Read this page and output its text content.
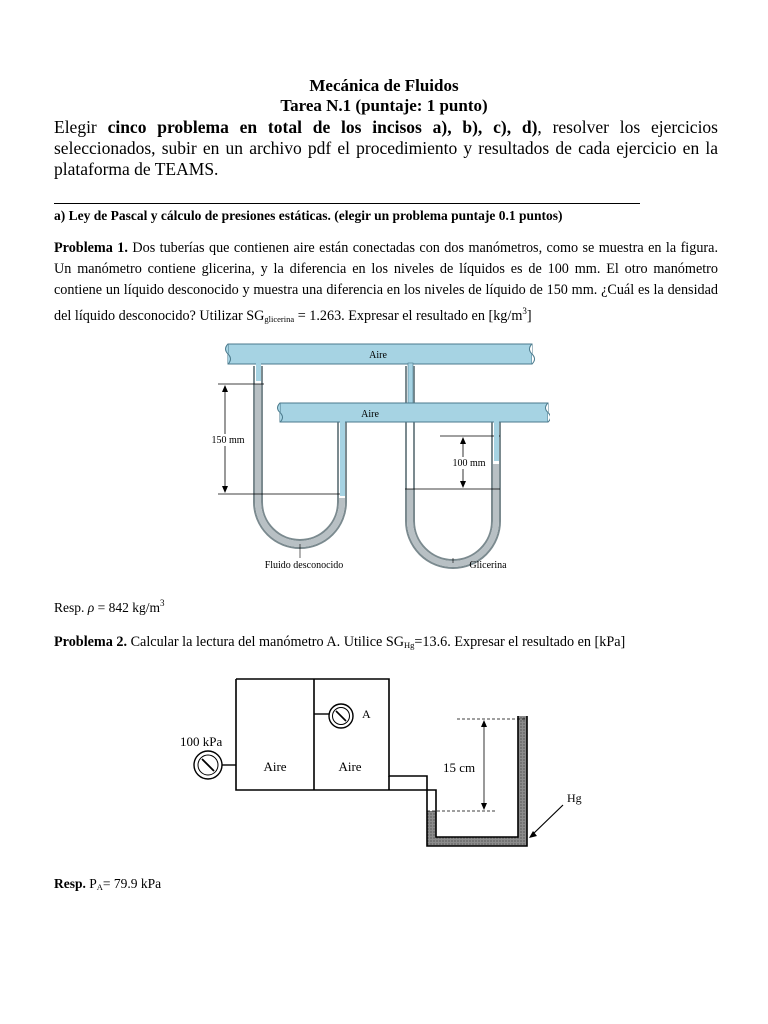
Mecánica de Fluidos
Tarea N.1 (puntaje: 1 punto)
Elegir cinco problema en total de los incisos a), b), c), d), resolver los ejercicios seleccionados, subir en un archivo pdf el procedimiento y resultados de cada ejercicio en la plataforma de TEAMS.
a) Ley de Pascal y cálculo de presiones estáticas. (elegir un problema puntaje 0.1 puntos)
Problema 1. Dos tuberías que contienen aire están conectadas con dos manómetros, como se muestra en la figura. Un manómetro contiene glicerina, y la diferencia en los niveles de líquidos es de 100 mm. El otro manómetro contiene un líquido desconocido y muestra una diferencia en los niveles de líquido de 150 mm. ¿Cuál es la densidad del líquido desconocido? Utilizar $SG_{glicerina} = 1.263$. Expresar el resultado en $[kg/m^3]$
Aire
Aire
150 mm
100 mm
Fluido desconocido	Glicerina
Resp. ρ = 842 $kg/m^3$
Problema 2. Calcular la lectura del manómetro A. Utilice $SG_{Hg}=13.6$. Expresar el resultado en [kPa]
A
100 kPa
Aire	Aire	15 cm
Hg
Resp. $P_A= 79.9$ kPa
